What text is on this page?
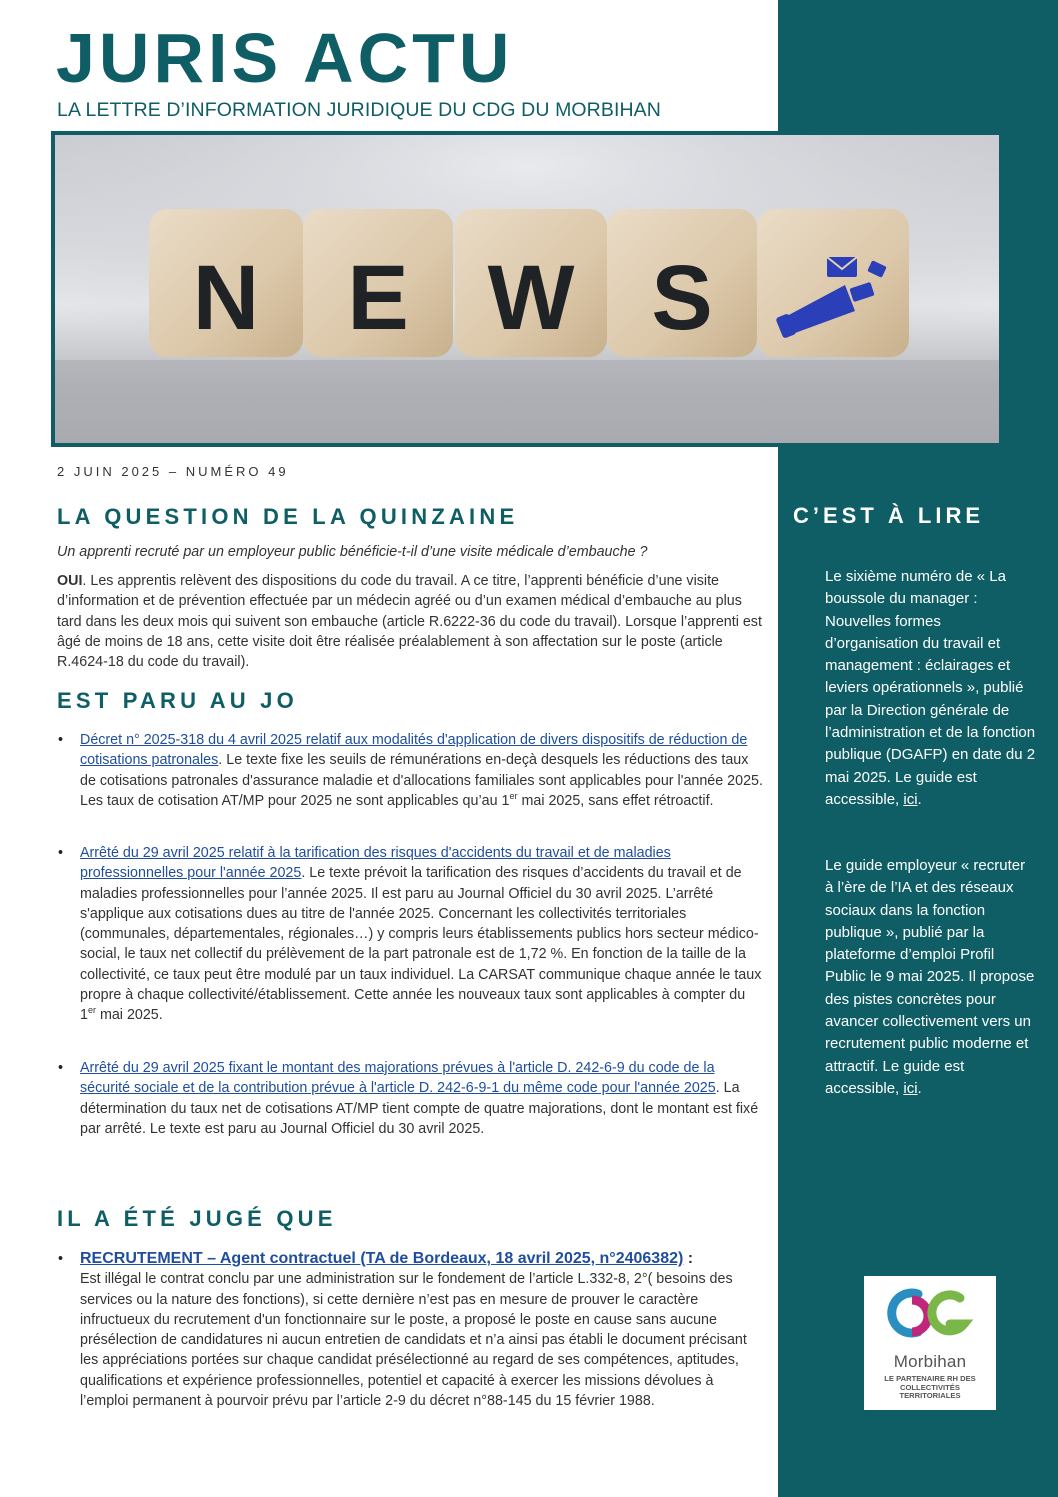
JURIS ACTU

LA LETTRE D’INFORMATION JURIDIQUE DU CDG DU MORBIHAN

N E W S

2 JUIN 2025 – NUMÉRO 49

LA QUESTION DE LA QUINZAINE

Un apprenti recruté par un employeur public bénéficie-t-il d’une visite médicale d’embauche ?

OUI. Les apprentis relèvent des dispositions du code du travail. A ce titre, l’apprenti bénéficie d’une visite d’information et de prévention effectuée par un médecin agréé ou d’un examen médical d’embauche au plus tard dans les deux mois qui suivent son embauche (article R.6222-36 du code du travail). Lorsque l’apprenti est âgé de moins de 18 ans, cette visite doit être réalisée préalablement à son affectation sur le poste (article R.4624-18 du code du travail).

EST PARU AU JO

• Décret n° 2025-318 du 4 avril 2025 relatif aux modalités d'application de divers dispositifs de réduction de cotisations patronales. Le texte fixe les seuils de rémunérations en-deçà desquels les réductions des taux de cotisations patronales d'assurance maladie et d'allocations familiales sont applicables pour l'année 2025. Les taux de cotisation AT/MP pour 2025 ne sont applicables qu’au 1er mai 2025, sans effet rétroactif.

• Arrêté du 29 avril 2025 relatif à la tarification des risques d'accidents du travail et de maladies professionnelles pour l'année 2025. Le texte prévoit la tarification des risques d’accidents du travail et de maladies professionnelles pour l’année 2025. Il est paru au Journal Officiel du 30 avril 2025. L’arrêté s'applique aux cotisations dues au titre de l'année 2025. Concernant les collectivités territoriales (communales, départementales, régionales…) y compris leurs établissements publics hors secteur médico-social, le taux net collectif du prélèvement de la part patronale est de 1,72 %. En fonction de la taille de la collectivité, ce taux peut être modulé par un taux individuel. La CARSAT communique chaque année le taux propre à chaque collectivité/établissement. Cette année les nouveaux taux sont applicables à compter du 1er mai 2025.

• Arrêté du 29 avril 2025 fixant le montant des majorations prévues à l'article D. 242-6-9 du code de la sécurité sociale et de la contribution prévue à l'article D. 242-6-9-1 du même code pour l'année 2025. La détermination du taux net de cotisations AT/MP tient compte de quatre majorations, dont le montant est fixé par arrêté. Le texte est paru au Journal Officiel du 30 avril 2025.

IL A ÉTÉ JUGÉ QUE

• RECRUTEMENT – Agent contractuel (TA de Bordeaux, 18 avril 2025, n°2406382) :
Est illégal le contrat conclu par une administration sur le fondement de l’article L.332-8, 2°( besoins des services ou la nature des fonctions), si cette dernière n’est pas en mesure de prouver le caractère infructueux du recrutement d'un fonctionnaire sur le poste, a proposé le poste en cause sans aucune présélection de candidatures ni aucun entretien de candidats et n’a ainsi pas établi le document précisant les appréciations portées sur chaque candidat présélectionné au regard de ses compétences, aptitudes, qualifications et expérience professionnelles, potentiel et capacité à exercer les missions dévolues à l’emploi permanent à pourvoir prévu par l’article 2-9 du décret n°88-145 du 15 février 1988.

C’EST À LIRE

Le sixième numéro de « La boussole du manager : Nouvelles formes d’organisation du travail et management : éclairages et leviers opérationnels », publié par la Direction générale de l’administration et de la fonction publique (DGAFP) en date du 2 mai 2025. Le guide est accessible, ici.

Le guide employeur « recruter à l’ère de l’IA et des réseaux sociaux dans la fonction publique », publié par la plateforme d’emploi Profil Public le 9 mai 2025. Il propose des pistes concrètes pour avancer collectivement vers un recrutement public moderne et attractif. Le guide est accessible, ici.

CDG
Morbihan
LE PARTENAIRE RH DES COLLECTIVITÉS TERRITORIALES
